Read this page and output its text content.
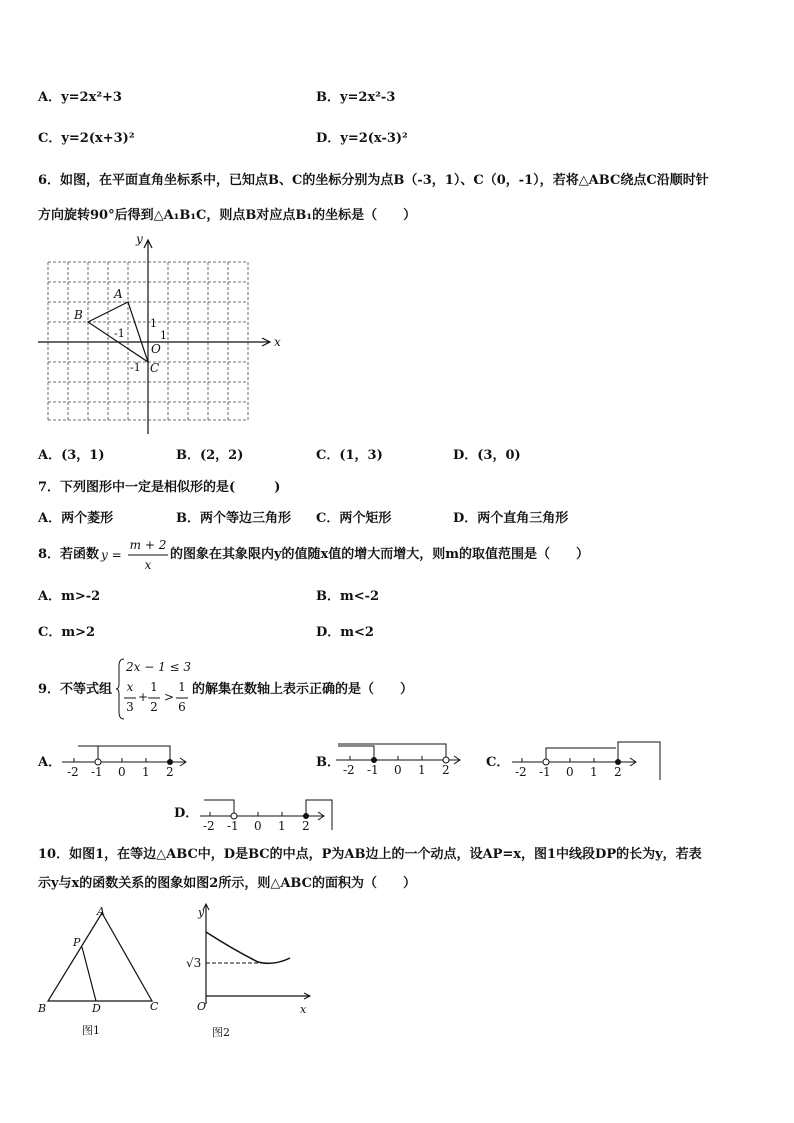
A．y=2x²+3	B．y=2x²-3
C．y=2(x+3)²	D．y=2(x-3)²
6．如图，在平面直角坐标系中，已知点B、C的坐标分别为点B（-3，1）、C（0，-1），若将△ABC绕点C沿顺时针
方向旋转90°后得到△A₁B₁C，则点B对应点B₁的坐标是（　　）
x
y
A
B
C
O
1
1
-1
-1
A．(3，1)	B．(2，2)	C．(1，3)	D．(3，0)
7．下列图形中一定是相似形的是(　　　)
A．两个菱形	B．两个等边三角形 C．两个矩形	D．两个直角三角形
8．若函数 y =
m + 2
x
的图象在其象限内y的值随x值的增大而增大，则m的取值范围是（　　）
A．m>-2	B．m<-2
C．m>2	D．m<2
9．不等式组
2x − 1 ≤ 3
x
3
+
1
2
>
1
6
的解集在数轴上表示正确的是（　　）
A．
-2 -1 0 1 2
B． -2 -1 0 1 2	C．
-2 -1 0 1 2
D．
-2 -1 0 1 2
10．如图1，在等边△ABC中，D是BC的中点，P为AB边上的一个动点，设AP=x，图1中线段DP的长为y，若表
示y与x的函数关系的图象如图2所示，则△ABC的面积为（　　）
A
P
B	D	C
图1
y
√3
O	x
图2
